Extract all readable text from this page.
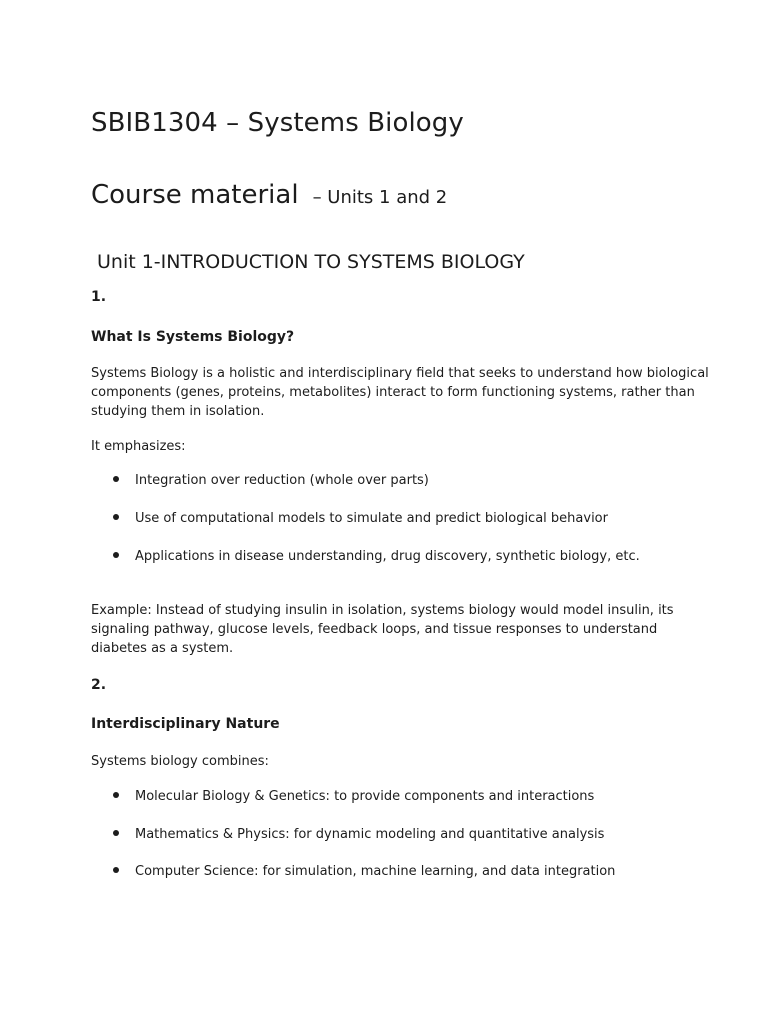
SBIB1304 – Systems Biology
Course material – Units 1 and 2
Unit 1-INTRODUCTION TO SYSTEMS BIOLOGY

1.

What Is Systems Biology?

Systems Biology is a holistic and interdisciplinary field that seeks to understand how biological
components (genes, proteins, metabolites) interact to form functioning systems, rather than
studying them in isolation.

It emphasizes:

Integration over reduction (whole over parts)
Use of computational models to simulate and predict biological behavior
Applications in disease understanding, drug discovery, synthetic biology, etc.
Example: Instead of studying insulin in isolation, systems biology would model insulin, its
signaling pathway, glucose levels, feedback loops, and tissue responses to understand
diabetes as a system.

2.

Interdisciplinary Nature

Systems biology combines:

Molecular Biology & Genetics: to provide components and interactions
Mathematics & Physics: for dynamic modeling and quantitative analysis
Computer Science: for simulation, machine learning, and data integration
